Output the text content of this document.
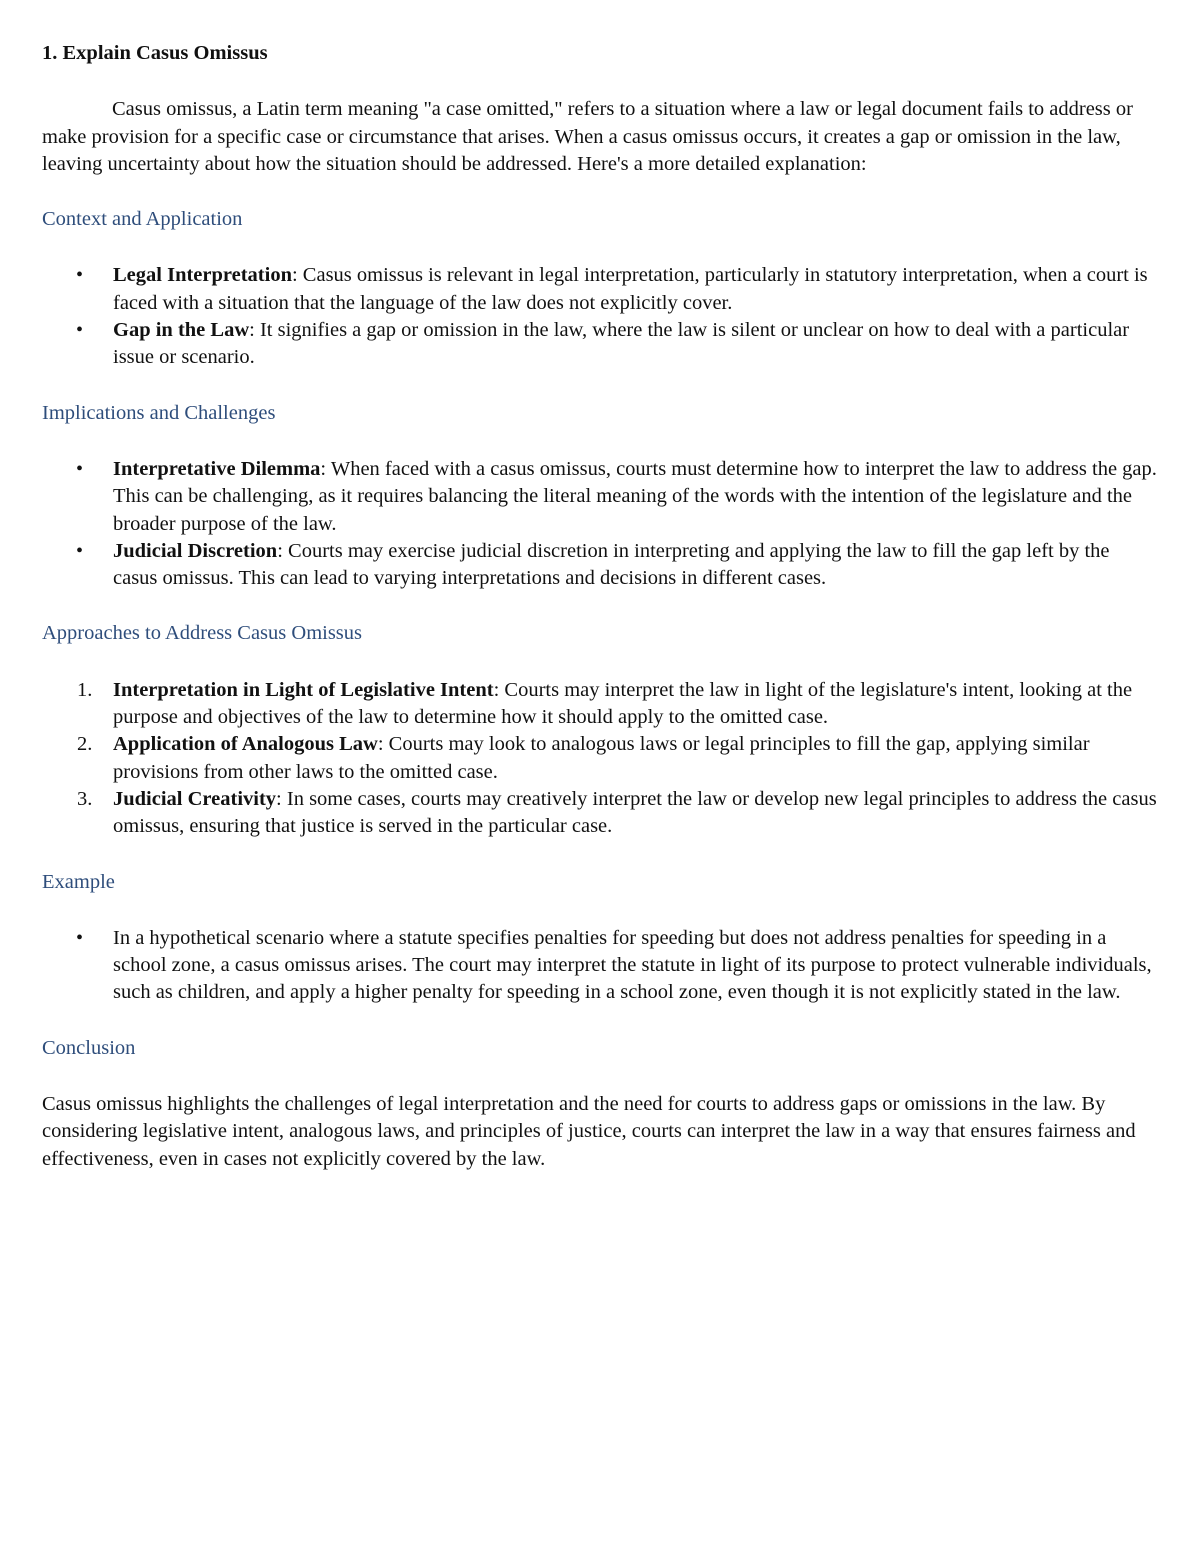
1. Explain Casus Omissus

Casus omissus, a Latin term meaning "a case omitted," refers to a situation where a law or legal document fails to address or make provision for a specific case or circumstance that arises. When a casus omissus occurs, it creates a gap or omission in the law, leaving uncertainty about how the situation should be addressed. Here's a more detailed explanation:

Context and Application
• Legal Interpretation: Casus omissus is relevant in legal interpretation, particularly in statutory interpretation, when a court is faced with a situation that the language of the law does not explicitly cover.
• Gap in the Law: It signifies a gap or omission in the law, where the law is silent or unclear on how to deal with a particular issue or scenario.
Implications and Challenges
• Interpretative Dilemma: When faced with a casus omissus, courts must determine how to interpret the law to address the gap. This can be challenging, as it requires balancing the literal meaning of the words with the intention of the legislature and the broader purpose of the law.
• Judicial Discretion: Courts may exercise judicial discretion in interpreting and applying the law to fill the gap left by the casus omissus. This can lead to varying interpretations and decisions in different cases.
Approaches to Address Casus Omissus
1. Interpretation in Light of Legislative Intent: Courts may interpret the law in light of the legislature's intent, looking at the purpose and objectives of the law to determine how it should apply to the omitted case.
2. Application of Analogous Law: Courts may look to analogous laws or legal principles to fill the gap, applying similar provisions from other laws to the omitted case.
3. Judicial Creativity: In some cases, courts may creatively interpret the law or develop new legal principles to address the casus omissus, ensuring that justice is served in the particular case.
Example
• In a hypothetical scenario where a statute specifies penalties for speeding but does not address penalties for speeding in a school zone, a casus omissus arises. The court may interpret the statute in light of its purpose to protect vulnerable individuals, such as children, and apply a higher penalty for speeding in a school zone, even though it is not explicitly stated in the law.
Conclusion

Casus omissus highlights the challenges of legal interpretation and the need for courts to address gaps or omissions in the law. By considering legislative intent, analogous laws, and principles of justice, courts can interpret the law in a way that ensures fairness and effectiveness, even in cases not explicitly covered by the law.
